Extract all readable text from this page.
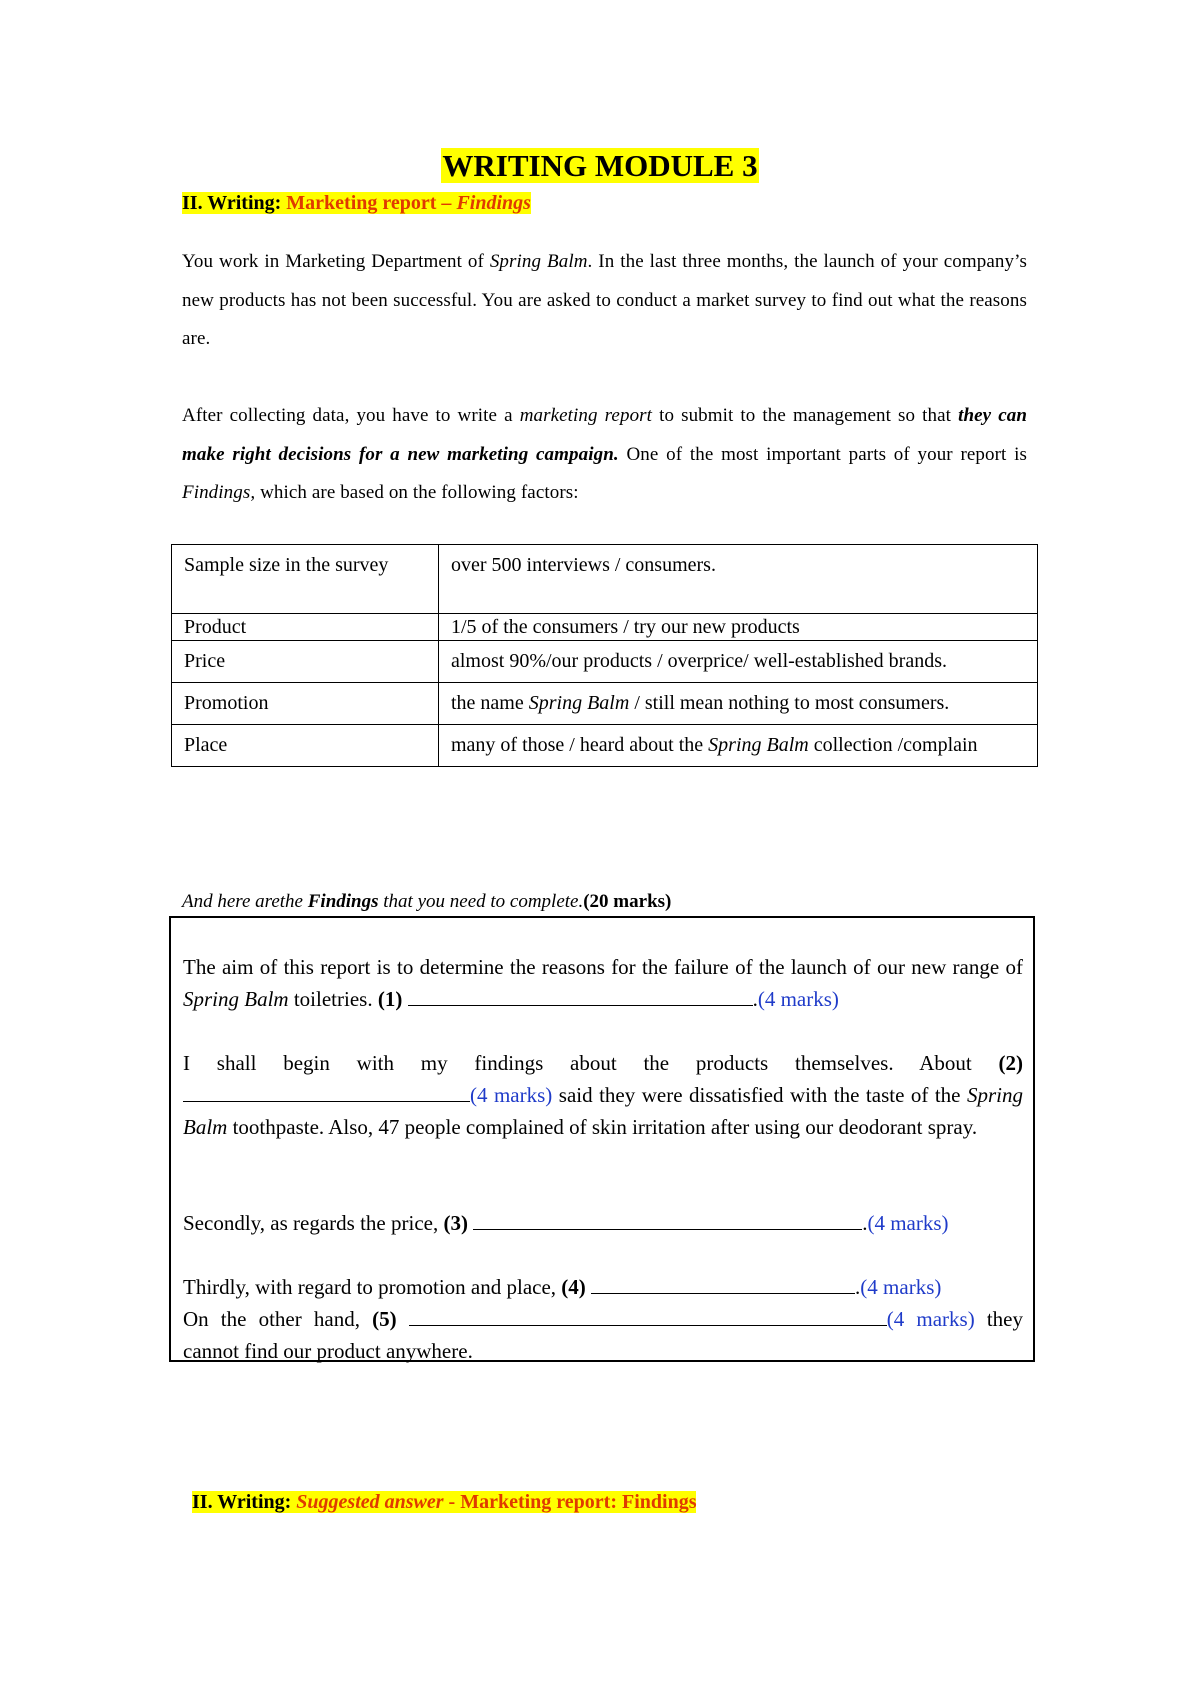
WRITING MODULE 3
II. Writing: Marketing report – Findings
You work in Marketing Department of Spring Balm. In the last three months, the launch of your company’s new products has not been successful. You are asked to conduct a market survey to find out what the reasons are.
After collecting data, you have to write a marketing report to submit to the management so that they can make right decisions for a new marketing campaign. One of the most important parts of your report is Findings, which are based on the following factors:
Sample size in the survey	over 500 interviews / consumers.
Product	1/5 of the consumers / try our new products
Price	almost 90%/our products / overprice/ well-established brands.
Promotion	the name Spring Balm / still mean nothing to most consumers.
Place	many of those / heard about the Spring Balm collection /complain
And here arethe Findings that you need to complete.(20 marks)
The aim of this report is to determine the reasons for the failure of the launch of our new range of Spring Balm toiletries. (1)	.(4 marks)
I shall begin with my findings about the products themselves. About (2) (4 marks) said they were dissatisfied with the taste of the Spring Balm toothpaste. Also, 47 people complained of skin irritation after using our deodorant spray.
Secondly, as regards the price, (3)	.(4 marks)
Thirdly, with regard to promotion and place, (4)	.(4 marks)
On the other hand, (5)	(4 marks) they cannot find our product anywhere.
II. Writing: Suggested answer - Marketing report: Findings
